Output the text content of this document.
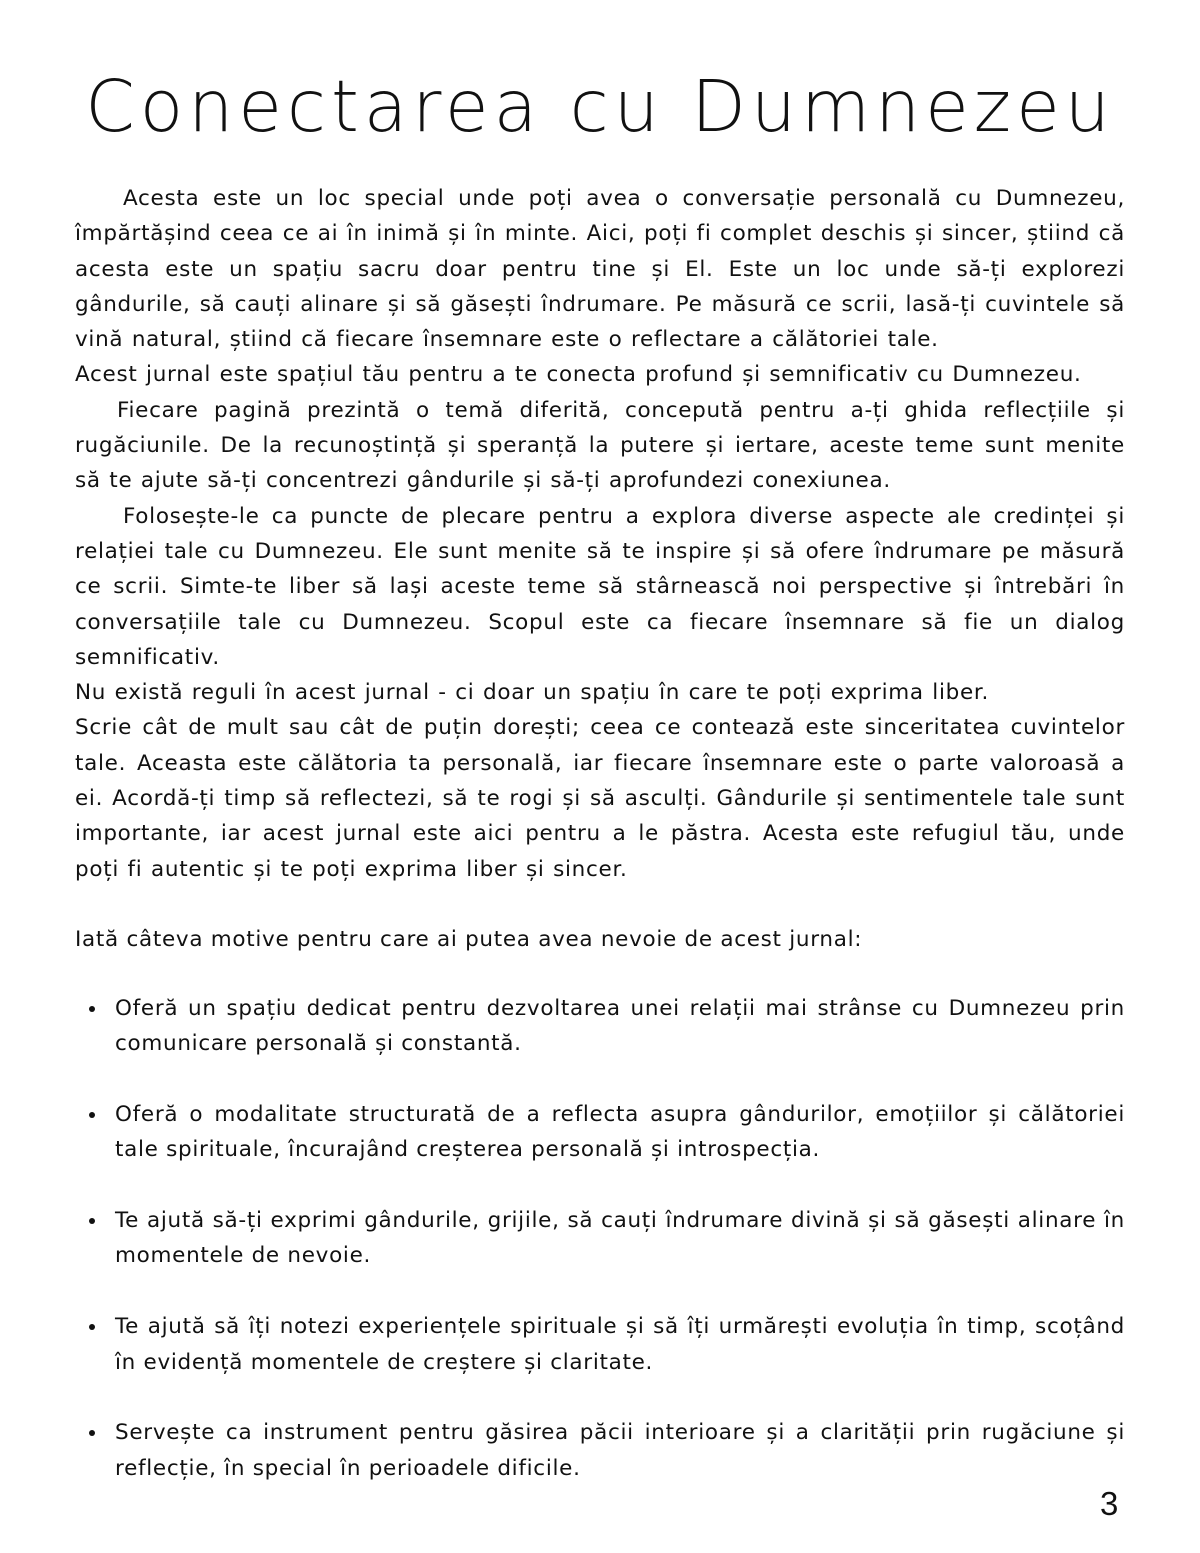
Conectarea cu Dumnezeu

Acesta este un loc special unde poți avea o conversație personală cu Dumnezeu, împărtășind ceea ce ai în inimă și în minte. Aici, poți fi complet deschis și sincer, știind că acesta este un spațiu sacru doar pentru tine și El. Este un loc unde să-ți explorezi gândurile, să cauți alinare și să găsești îndrumare. Pe măsură ce scrii, lasă-ți cuvintele să vină natural, știind că fiecare însemnare este o reflectare a călătoriei tale.

Acest jurnal este spațiul tău pentru a te conecta profund și semnificativ cu Dumnezeu.

Fiecare pagină prezintă o temă diferită, concepută pentru a-ți ghida reflecțiile și rugăciunile. De la recunoștință și speranță la putere și iertare, aceste teme sunt menite să te ajute să-ți concentrezi gândurile și să-ți aprofundezi conexiunea.

Folosește-le ca puncte de plecare pentru a explora diverse aspecte ale credinței și relației tale cu Dumnezeu. Ele sunt menite să te inspire și să ofere îndrumare pe măsură ce scrii. Simte-te liber să lași aceste teme să stârnească noi perspective și întrebări în conversațiile tale cu Dumnezeu. Scopul este ca fiecare însemnare să fie un dialog semnificativ.

Nu există reguli în acest jurnal - ci doar un spațiu în care te poți exprima liber.

Scrie cât de mult sau cât de puțin dorești; ceea ce contează este sinceritatea cuvintelor tale. Aceasta este călătoria ta personală, iar fiecare însemnare este o parte valoroasă a ei. Acordă-ți timp să reflectezi, să te rogi și să asculți. Gândurile și sentimentele tale sunt importante, iar acest jurnal este aici pentru a le păstra. Acesta este refugiul tău, unde poți fi autentic și te poți exprima liber și sincer.

Iată câteva motive pentru care ai putea avea nevoie de acest jurnal:

Oferă un spațiu dedicat pentru dezvoltarea unei relații mai strânse cu Dumnezeu prin comunicare personală și constantă.
Oferă o modalitate structurată de a reflecta asupra gândurilor, emoțiilor și călătoriei tale spirituale, încurajând creșterea personală și introspecția.
Te ajută să-ți exprimi gândurile, grijile, să cauți îndrumare divină și să găsești alinare în momentele de nevoie.
Te ajută să îți notezi experiențele spirituale și să îți urmărești evoluția în timp, scoțând în evidență momentele de creștere și claritate.
Servește ca instrument pentru găsirea păcii interioare și a clarității prin rugăciune și reflecție, în special în perioadele dificile.
3
